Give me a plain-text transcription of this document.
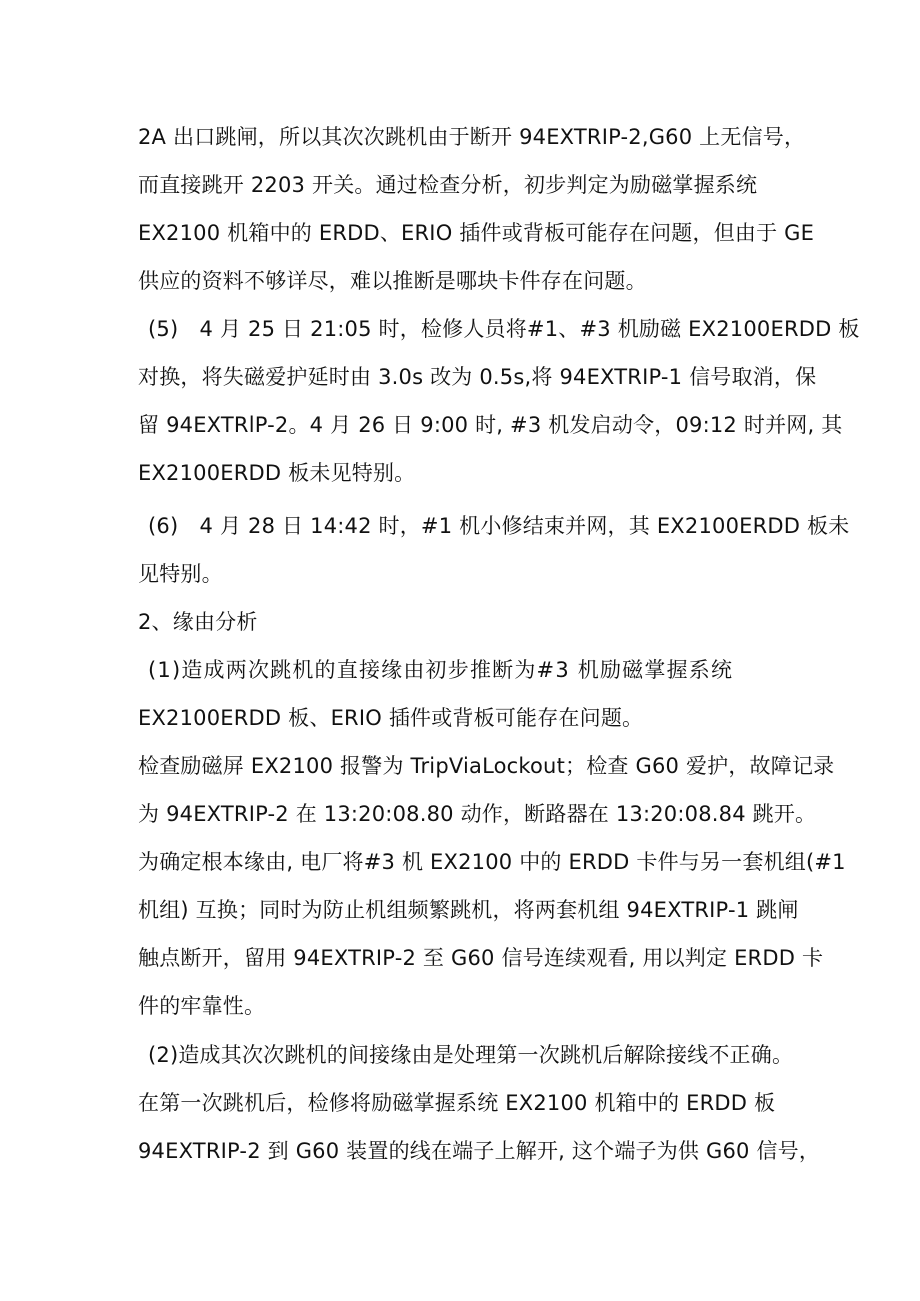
2A 出口跳闸，所以其次次跳机由于断开 94EXTRIP-2,G60 上无信号，
而直接跳开 2203 开关。通过检查分析，初步判定为励磁掌握系统
EX2100 机箱中的 ERDD、ERIO 插件或背板可能存在问题，但由于 GE
供应的资料不够详尽，难以推断是哪块卡件存在问题。
(5)　4 月 25 日 21:05 时，检修人员将#1、#3 机励磁 EX2100ERDD 板
对换，将失磁爱护延时由 3.0s 改为 0.5s,将 94EXTRIP-1 信号取消，保
留 94EXTRlP-2。4 月 26 日 9:00 时, #3 机发启动令，09:12 时并网, 其
EX2100ERDD 板未见特别。
(6)　4 月 28 日 14:42 时，#1 机小修结束并网，其 EX2100ERDD 板未
见特别。
2、缘由分析
(1)造成两次跳机的直接缘由初步推断为#3 机励磁掌握系统
EX2100ERDD 板、ERIO 插件或背板可能存在问题。
检查励磁屏 EX2100 报警为 TripViaLockout；检查 G60 爱护，故障记录
为 94EXTRIP-2 在 13:20:08.80 动作，断路器在 13:20:08.84 跳开。
为确定根本缘由, 电厂将#3 机 EX2100 中的 ERDD 卡件与另一套机组(#1
机组) 互换；同时为防止机组频繁跳机，将两套机组 94EXTRIP-1 跳闸
触点断开，留用 94EXTRIP-2 至 G60 信号连续观看, 用以判定 ERDD 卡
件的牢靠性。
(2)造成其次次跳机的间接缘由是处理第一次跳机后解除接线不正确。
在第一次跳机后，检修将励磁掌握系统 EX2100 机箱中的 ERDD 板
94EXTRIP-2 到 G60 装置的线在端子上解开, 这个端子为供 G60 信号，
